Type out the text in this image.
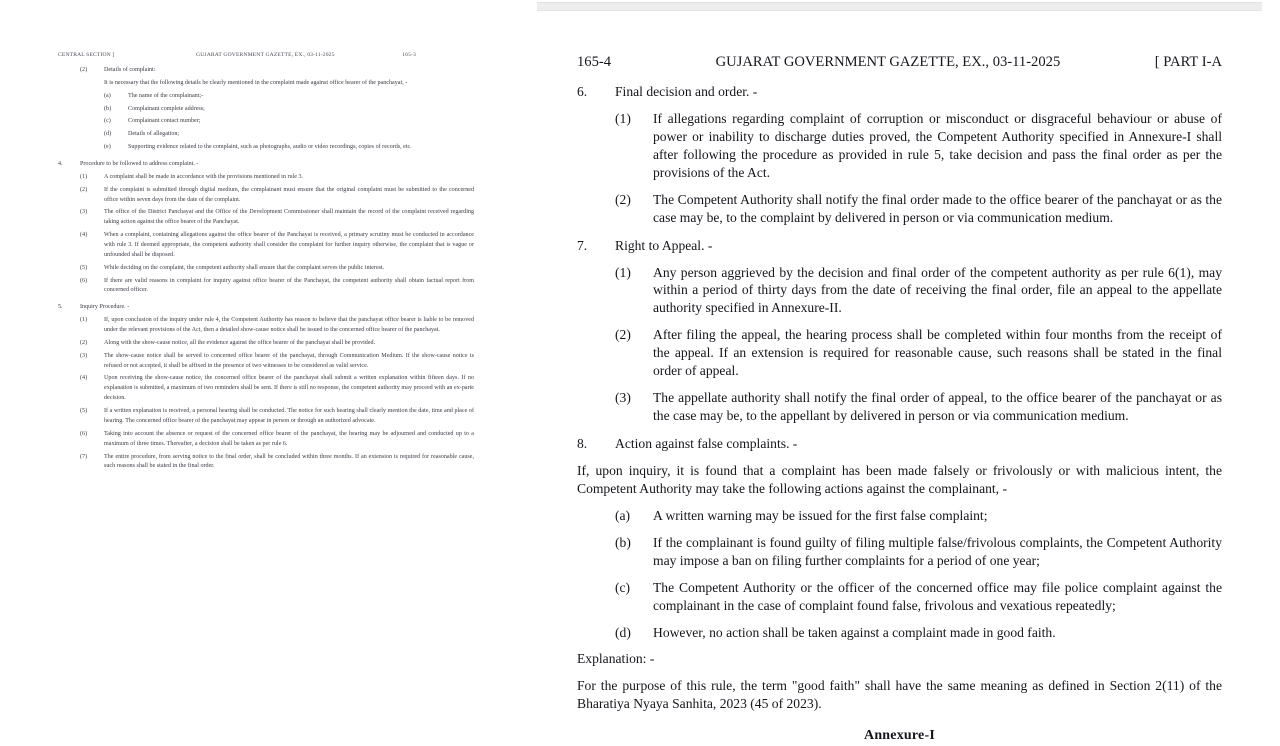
CENTRAL SECTION ]	GUJARAT GOVERNMENT GAZETTE, EX., 03-11-2025	165-3
(2)	Details of complaint:
It is necessary that the following details be clearly mentioned in the complaint made against office bearer of the panchayat, -
(a)	The name of the complainant;-
(b)	Complainant complete address;
(c)	Complainant contact number;
(d)	Details of allegation;
(e)	Supporting evidence related to the complaint, such as photographs, audio or video recordings, copies of records, etc.
4.	Procedure to be followed to address complaint. -
(1)	A complaint shall be made in accordance with the provisions mentioned in rule 3.
(2)	If the complaint is submitted through digital medium, the complainant must ensure that the original complaint must be submitted to the concerned office within seven days from the date of the complaint.
(3)	The office of the District Panchayat and the Office of the Development Commissioner shall maintain the record of the complaint received regarding taking action against the office bearer of the Panchayat.
(4)	When a complaint, containing allegations against the office bearer of the Panchayat is received, a primary scrutiny must be conducted in accordance with rule 3. If deemed appropriate, the competent authority shall consider the complaint for further inquiry otherwise, the complaint that is vague or unfounded shall be disposed.
(5)	While deciding on the complaint, the competent authority shall ensure that the complaint serves the public interest.
(6)	If there are valid reasons in complaint for inquiry against office bearer of the Panchayat, the competent authority shall obtain factual report from concerned officer.
5.	Inquiry Procedure. -
(1)	If, upon conclusion of the inquiry under rule 4, the Competent Authority has reason to believe that the panchayat office bearer is liable to be removed under the relevant provisions of the Act, then a detailed show-cause notice shall be issued to the concerned office bearer of the panchayat.
(2)	Along with the show-cause notice, all the evidence against the office bearer of the panchayat shall be provided.
(3)	The show-cause notice shall be served to concerned office bearer of the panchayat, through Communication Medium. If the show-cause notice is refused or not accepted, it shall be affixed in the presence of two witnesses to be considered as valid service.
(4)	Upon receiving the show-cause notice, the concerned office bearer of the panchayat shall submit a written explanation within fifteen days. If no explanation is submitted, a maximum of two reminders shall be sent. If there is still no response, the competent authority may proceed with an ex-parte decision.
(5)	If a written explanation is received, a personal hearing shall be conducted. The notice for such hearing shall clearly mention the date, time and place of hearing. The concerned office bearer of the panchayat may appear in person or through an authorized advocate.
(6)	Taking into account the absence or request of the concerned office bearer of the panchayat, the hearing may be adjourned and conducted up to a maximum of three times. Thereafter, a decision shall be taken as per rule 6.
(7)	The entire procedure, from serving notice to the final order, shall be concluded within three months. If an extension is required for reasonable cause, such reasons shall be stated in the final order.
165-4	GUJARAT GOVERNMENT GAZETTE, EX., 03-11-2025	[ PART I-A
6.	Final decision and order. -
(1)	If allegations regarding complaint of corruption or misconduct or disgraceful behaviour or abuse of power or inability to discharge duties proved, the Competent Authority specified in Annexure-I shall after following the procedure as provided in rule 5, take decision and pass the final order as per the provisions of the Act.
(2)	The Competent Authority shall notify the final order made to the office bearer of the panchayat or as the case may be, to the complaint by delivered in person or via communication medium.
7.	Right to Appeal. -
(1)	Any person aggrieved by the decision and final order of the competent authority as per rule 6(1), may within a period of thirty days from the date of receiving the final order, file an appeal to the appellate authority specified in Annexure-II.
(2)	After filing the appeal, the hearing process shall be completed within four months from the receipt of the appeal. If an extension is required for reasonable cause, such reasons shall be stated in the final order of appeal.
(3)	The appellate authority shall notify the final order of appeal, to the office bearer of the panchayat or as the case may be, to the appellant by delivered in person or via communication medium.
8.	Action against false complaints. -
If, upon inquiry, it is found that a complaint has been made falsely or frivolously or with malicious intent, the Competent Authority may take the following actions against the complainant, -
(a)	A written warning may be issued for the first false complaint;
(b)	If the complainant is found guilty of filing multiple false/frivolous complaints, the Competent Authority may impose a ban on filing further complaints for a period of one year;
(c)	The Competent Authority or the officer of the concerned office may file police complaint against the complainant in the case of complaint found false, frivolous and vexatious repeatedly;
(d)	However, no action shall be taken against a complaint made in good faith.
Explanation: -
For the purpose of this rule, the term "good faith" shall have the same meaning as defined in Section 2(11) of the Bharatiya Nyaya Sanhita, 2023 (45 of 2023).
Annexure-I
